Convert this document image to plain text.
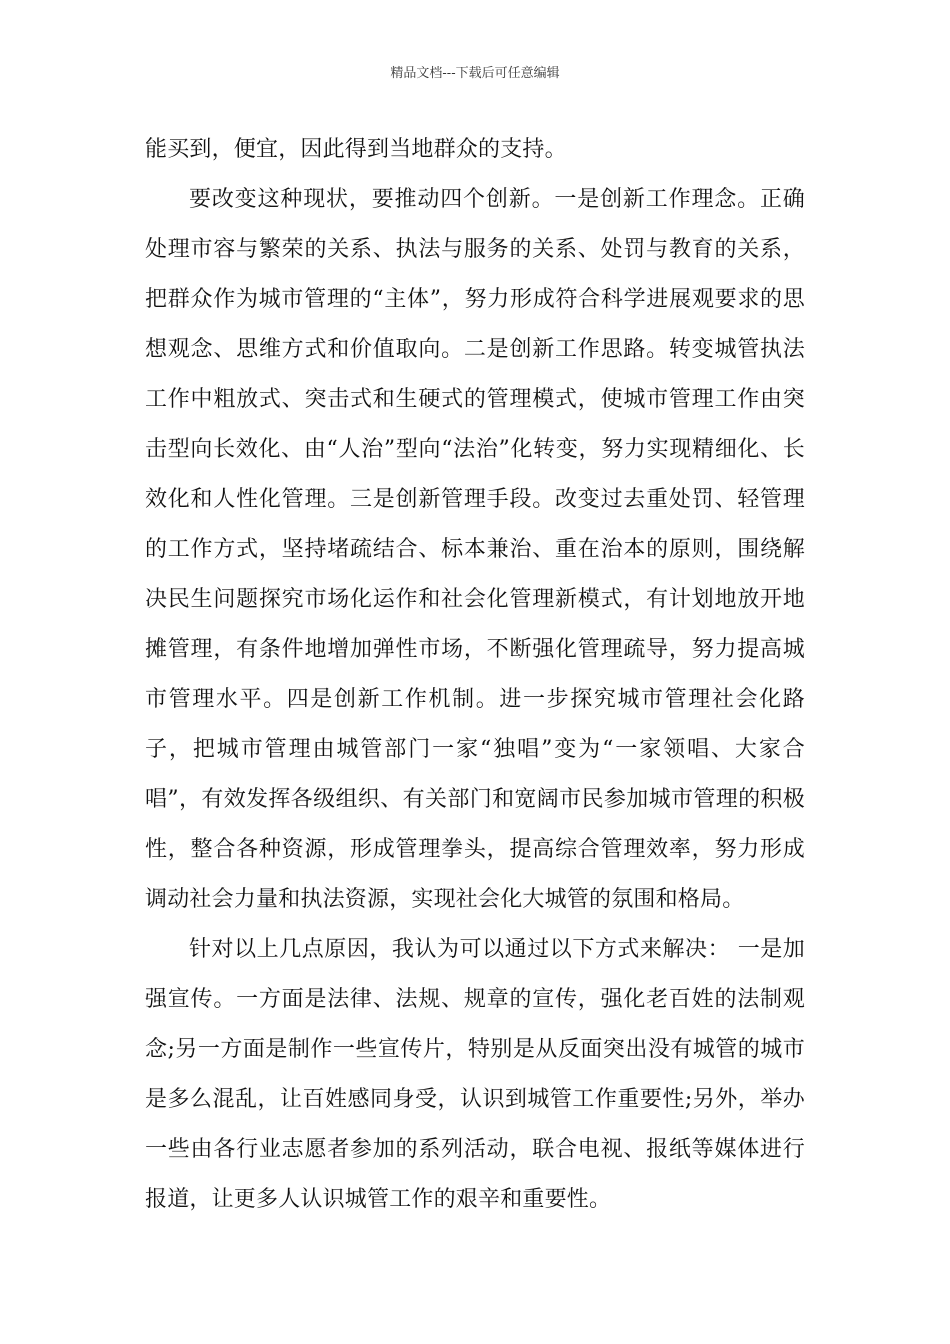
精品文档---下载后可任意编辑

能买到，便宜，因此得到当地群众的支持。

要改变这种现状，要推动四个创新。一是创新工作理念。正确处理市容与繁荣的关系、执法与服务的关系、处罚与教育的关系，把群众作为城市管理的“主体”，努力形成符合科学进展观要求的思想观念、思维方式和价值取向。二是创新工作思路。转变城管执法工作中粗放式、突击式和生硬式的管理模式，使城市管理工作由突击型向长效化、由“人治”型向“法治”化转变，努力实现精细化、长效化和人性化管理。三是创新管理手段。改变过去重处罚、轻管理的工作方式，坚持堵疏结合、标本兼治、重在治本的原则，围绕解决民生问题探究市场化运作和社会化管理新模式，有计划地放开地摊管理，有条件地增加弹性市场，不断强化管理疏导，努力提高城市管理水平。四是创新工作机制。进一步探究城市管理社会化路子，把城市管理由城管部门一家“独唱”变为“一家领唱、大家合唱”，有效发挥各级组织、有关部门和宽阔市民参加城市管理的积极性，整合各种资源，形成管理拳头，提高综合管理效率，努力形成调动社会力量和执法资源，实现社会化大城管的氛围和格局。

针对以上几点原因，我认为可以通过以下方式来解决： 一是加强宣传。一方面是法律、法规、规章的宣传，强化老百姓的法制观念;另一方面是制作一些宣传片，特别是从反面突出没有城管的城市是多么混乱，让百姓感同身受，认识到城管工作重要性;另外，举办一些由各行业志愿者参加的系列活动，联合电视、报纸等媒体进行报道，让更多人认识城管工作的艰辛和重要性。
